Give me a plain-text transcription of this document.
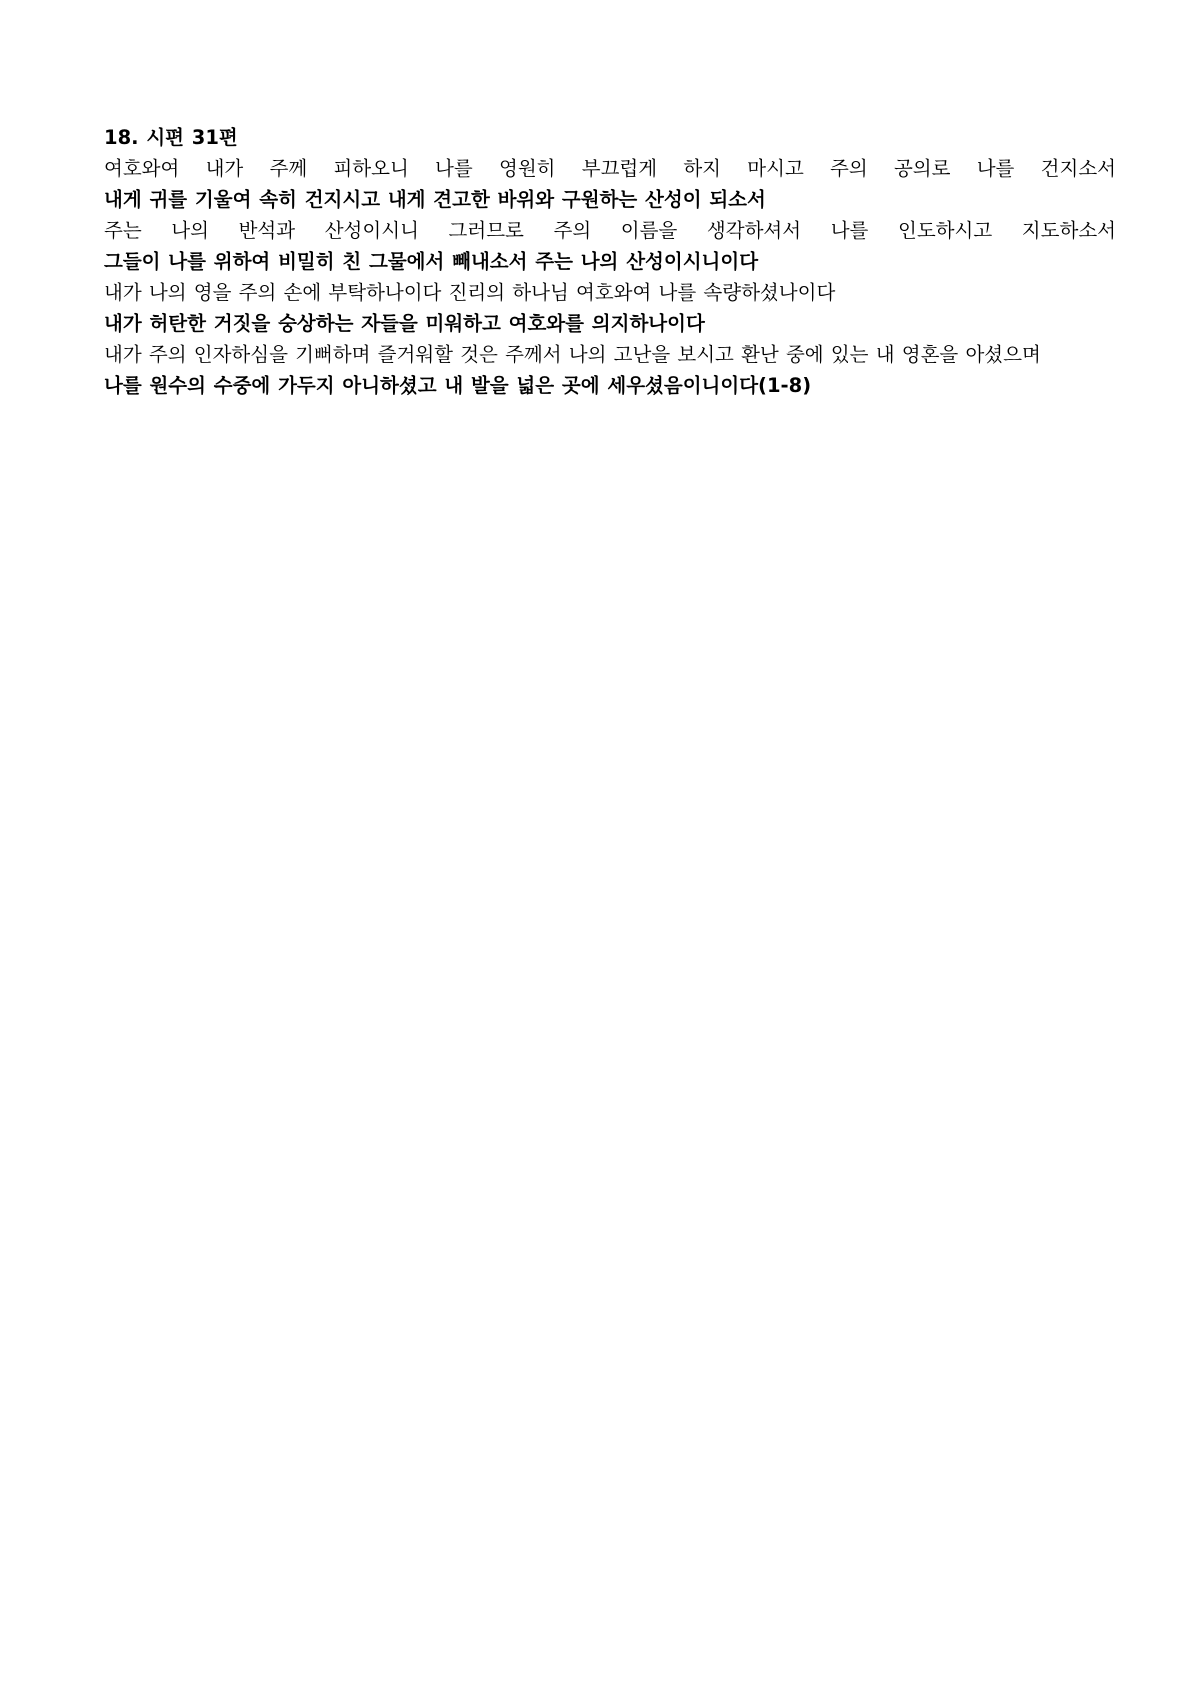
18. 시편 31편
여호와여 내가 주께 피하오니 나를 영원히 부끄럽게 하지 마시고 주의 공의로 나를 건지소서
내게 귀를 기울여 속히 건지시고 내게 견고한 바위와 구원하는 산성이 되소서
주는 나의 반석과 산성이시니 그러므로 주의 이름을 생각하셔서 나를 인도하시고 지도하소서
그들이 나를 위하여 비밀히 친 그물에서 빼내소서 주는 나의 산성이시니이다
내가 나의 영을 주의 손에 부탁하나이다 진리의 하나님 여호와여 나를 속량하셨나이다
내가 허탄한 거짓을 숭상하는 자들을 미워하고 여호와를 의지하나이다
내가 주의 인자하심을 기뻐하며 즐거워할 것은 주께서 나의 고난을 보시고 환난 중에 있는 내 영혼을 아셨으며
나를 원수의 수중에 가두지 아니하셨고 내 발을 넓은 곳에 세우셨음이니이다(1-8)
